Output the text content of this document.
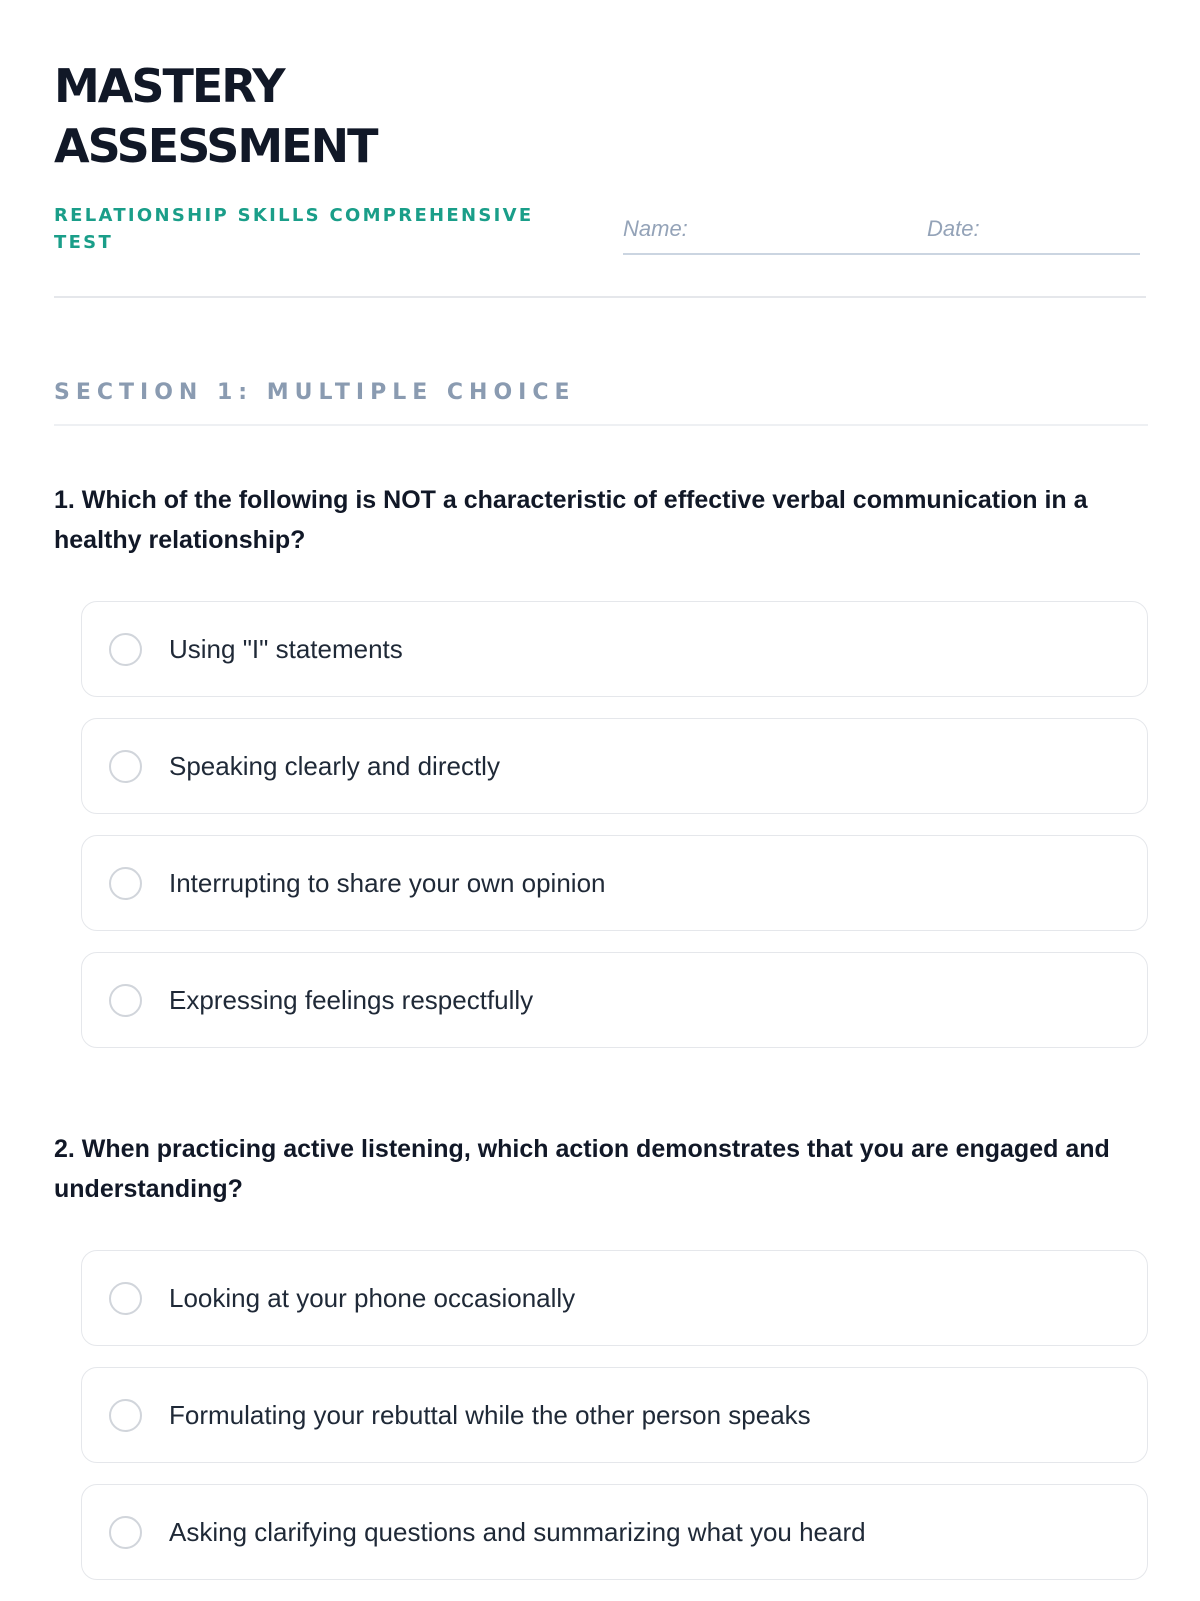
MASTERY
ASSESSMENT
RELATIONSHIP SKILLS COMPREHENSIVE TEST
Name:	Date:
SECTION 1: MULTIPLE CHOICE
1. Which of the following is NOT a characteristic of effective verbal communication in a healthy relationship?
Using "I" statements
Speaking clearly and directly
Interrupting to share your own opinion
Expressing feelings respectfully
2. When practicing active listening, which action demonstrates that you are engaged and understanding?
Looking at your phone occasionally
Formulating your rebuttal while the other person speaks
Asking clarifying questions and summarizing what you heard
